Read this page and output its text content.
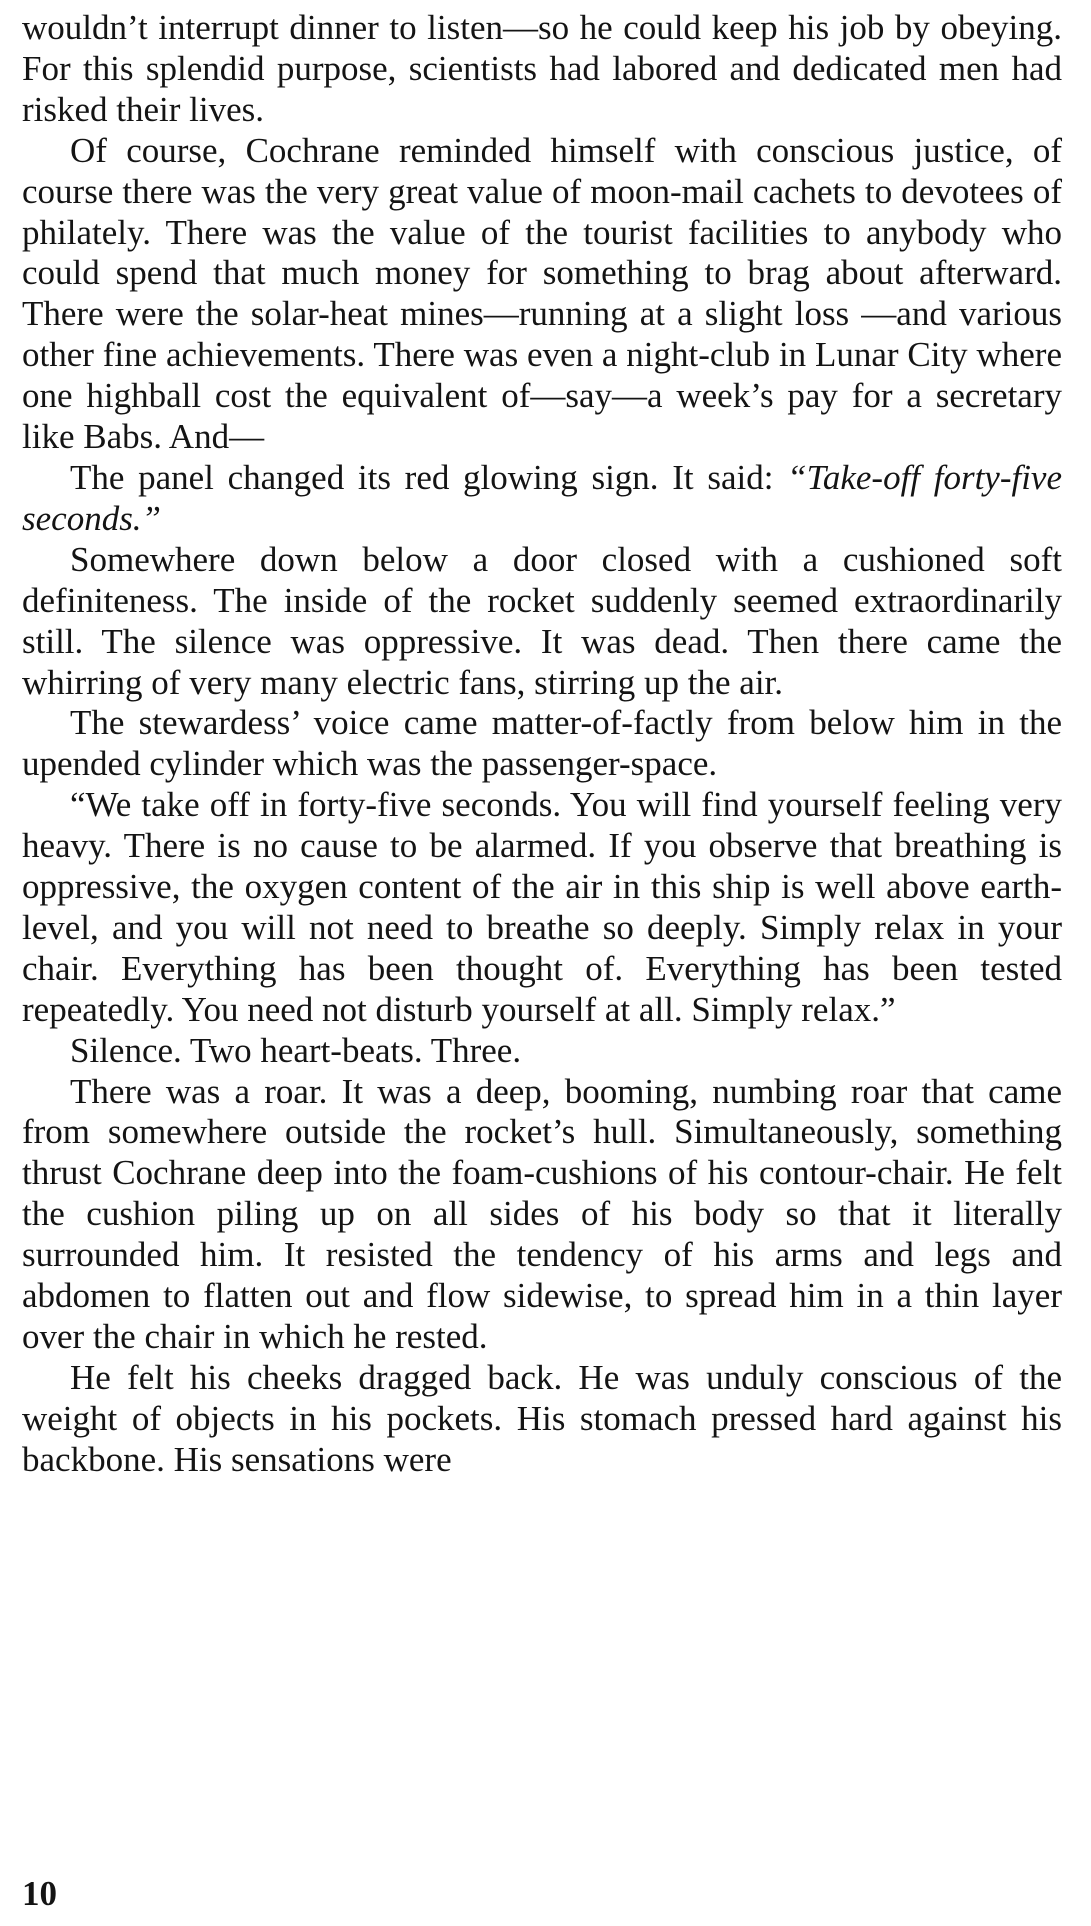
wouldn’t interrupt dinner to listen—so he could keep his job by obeying. For this splendid purpose, scientists had labored and dedicated men had risked their lives.

Of course, Cochrane reminded himself with conscious justice, of course there was the very great value of moon-mail cachets to devotees of philately. There was the value of the tourist facilities to anybody who could spend that much money for something to brag about afterward. There were the solar-heat mines—running at a slight loss —and various other fine achievements. There was even a night-club in Lunar City where one highball cost the equivalent of—say—a week’s pay for a secretary like Babs. And—

The panel changed its red glowing sign. It said: “Take-off forty-five seconds.”

Somewhere down below a door closed with a cushioned soft definiteness. The inside of the rocket suddenly seemed extraordinarily still. The silence was oppressive. It was dead. Then there came the whirring of very many electric fans, stirring up the air.

The stewardess’ voice came matter-of-factly from below him in the upended cylinder which was the passenger-space.

“We take off in forty-five seconds. You will find yourself feeling very heavy. There is no cause to be alarmed. If you observe that breathing is oppressive, the oxygen content of the air in this ship is well above earth-level, and you will not need to breathe so deeply. Simply relax in your chair. Everything has been thought of. Everything has been tested repeatedly. You need not disturb yourself at all. Simply relax.”

Silence. Two heart-beats. Three.

There was a roar. It was a deep, booming, numbing roar that came from somewhere outside the rocket’s hull. Simultaneously, something thrust Cochrane deep into the foam-cushions of his contour-chair. He felt the cushion piling up on all sides of his body so that it literally surrounded him. It resisted the tendency of his arms and legs and abdomen to flatten out and flow sidewise, to spread him in a thin layer over the chair in which he rested.

He felt his cheeks dragged back. He was unduly conscious of the weight of objects in his pockets. His stomach pressed hard against his backbone. His sensations were

10
